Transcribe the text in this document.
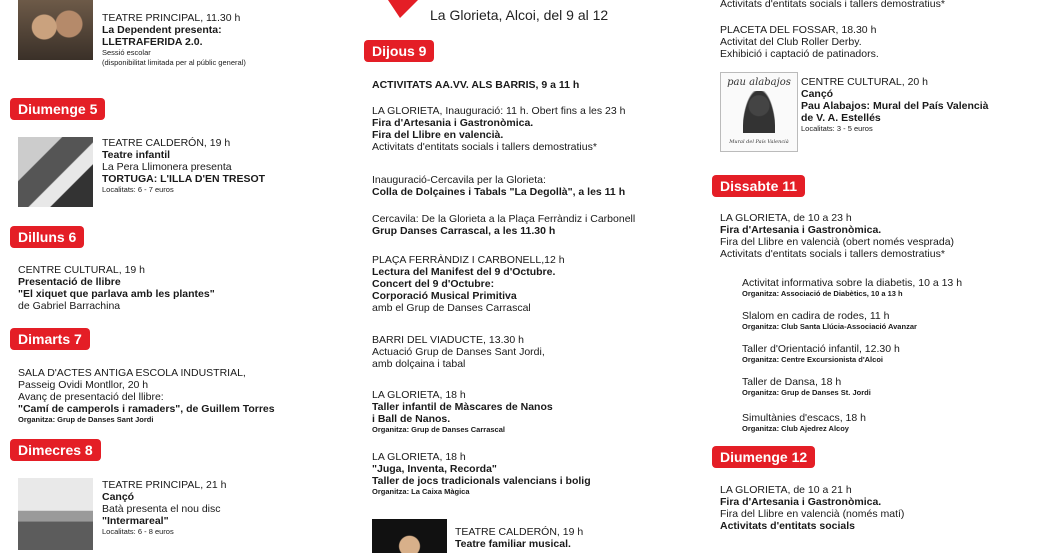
La Glorieta, Alcoi, del 9 al 12
TEATRE PRINCIPAL, 11.30 h
La Dependent presenta:
LLETRAFERIDA 2.0.
Sessió escolar
(disponibilitat limitada per al públic general)
Diumenge 5
TEATRE CALDERÓN, 19 h
Teatre infantil
La Pera Llimonera presenta
TORTUGA: L'ILLA D'EN TRESOT
Localitats: 6 - 7 euros
Dilluns 6
CENTRE CULTURAL, 19 h
Presentació de llibre
"El xiquet que parlava amb les plantes"
de Gabriel Barrachina
Dimarts 7
SALA D'ACTES ANTIGA ESCOLA INDUSTRIAL,
Passeig Ovidi Montllor, 20 h
Avanç de presentació del llibre:
"Camí de camperols i ramaders", de Guillem Torres
Organitza: Grup de Danses Sant Jordi
Dimecres 8
TEATRE PRINCIPAL, 21 h
Cançó
Batà presenta el nou disc
"Intermareal"
Localitats: 6 - 8 euros
Dijous 9
ACTIVITATS AA.VV. ALS BARRIS, 9 a 11 h
LA GLORIETA, Inauguració: 11 h. Obert fins a les 23 h
Fira d'Artesania i Gastronòmica.
Fira del Llibre en valencià.
Activitats d'entitats socials i tallers demostratius*
Inauguració-Cercavila per la Glorieta:
Colla de Dolçaines i Tabals "La Degollà", a les 11 h
Cercavila: De la Glorieta a la Plaça Ferràndiz i Carbonell
Grup Danses Carrascal, a les 11.30 h
PLAÇA FERRÀNDIZ I CARBONELL,12 h
Lectura del Manifest del 9 d'Octubre.
Concert del 9 d'Octubre:
Corporació Musical Primitiva
amb el Grup de Danses Carrascal
BARRI DEL VIADUCTE, 13.30 h
Actuació Grup de Danses Sant Jordi,
amb dolçaina i tabal
LA GLORIETA, 18 h
Taller infantil de Màscares de Nanos
i Ball de Nanos.
Organitza: Grup de Danses Carrascal
LA GLORIETA, 18 h
"Juga, Inventa, Recorda"
Taller de jocs tradicionals valencians i bolig
Organitza: La Caixa Màgica
TEATRE CALDERÓN, 19 h
Teatre familiar musical.
Activitats d'entitats socials i tallers demostratius*
PLACETA DEL FOSSAR, 18.30 h
Activitat del Club Roller Derby.
Exhibició i captació de patinadors.
pau alabajos
Mural del País Valencià
CENTRE CULTURAL, 20 h
Cançó
Pau Alabajos: Mural del País Valencià
de V. A. Estellés
Localitats: 3 - 5 euros
Dissabte 11
LA GLORIETA, de 10 a 23 h
Fira d'Artesania i Gastronòmica.
Fira del Llibre en valencià (obert només vesprada)
Activitats d'entitats socials i tallers demostratius*
Activitat informativa sobre la diabetis, 10 a 13 h
Organitza: Associació de Diabètics, 10 a 13 h
Slalom en cadira de rodes, 11 h
Organitza: Club Santa Llúcia-Associació Avanzar
Taller d'Orientació infantil, 12.30 h
Organitza: Centre Excursionista d'Alcoi
Taller de Dansa, 18 h
Organitza: Grup de Danses St. Jordi
Simultànies d'escacs, 18 h
Organitza: Club Ajedrez Alcoy
Diumenge 12
LA GLORIETA, de 10 a 21 h
Fira d'Artesania i Gastronòmica.
Fira del Llibre en valencià (només matí)
Activitats d'entitats socials
